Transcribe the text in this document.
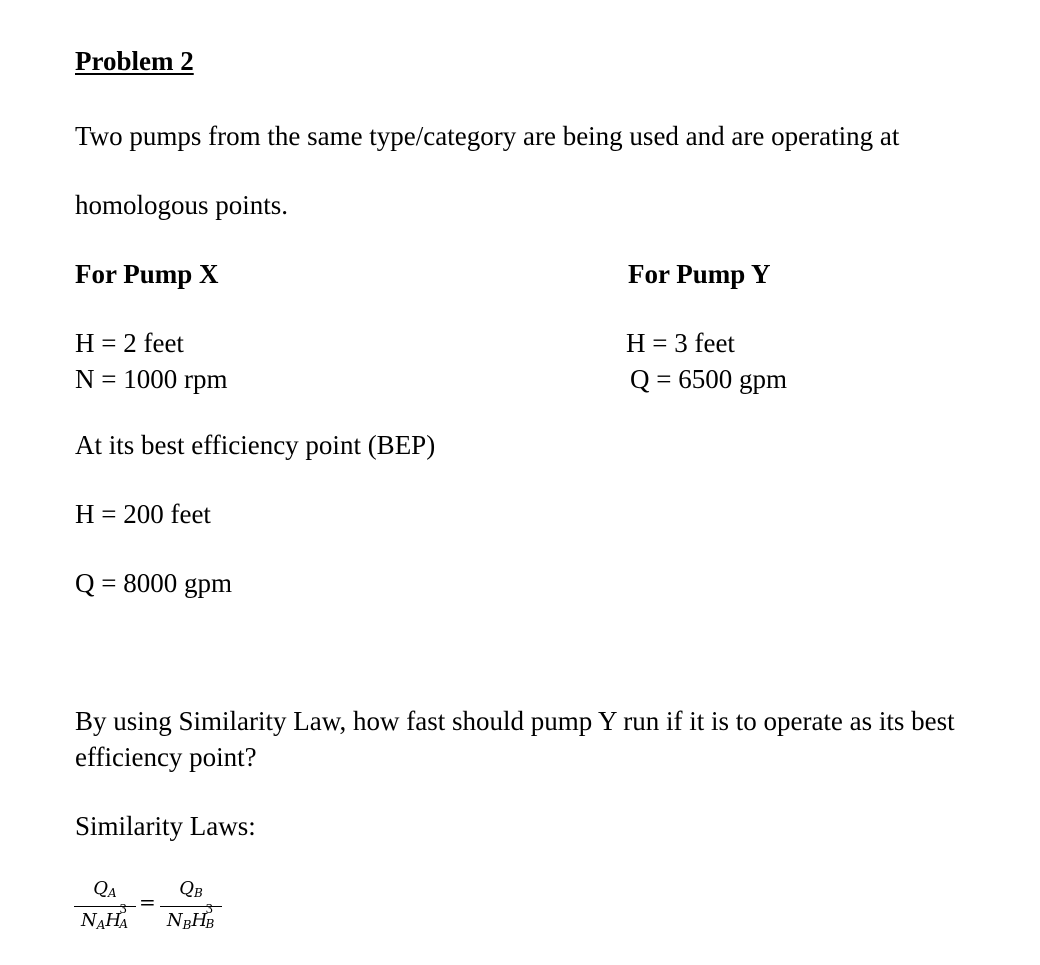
Problem 2
Two pumps from the same type/category are being used and are operating at
homologous points.
For Pump X	For Pump Y
H = 2 feet
N = 1000 rpm
H = 3 feet
Q = 6500 gpm
At its best efficiency point (BEP)
H = 200 feet
Q = 8000 gpm
By using Similarity Law, how fast should pump Y run if it is to operate as its best
efficiency point?
Similarity Laws:
$Q_A$
$N_AH$
3
A
=
$Q_B$
$N_BH$
3
B
